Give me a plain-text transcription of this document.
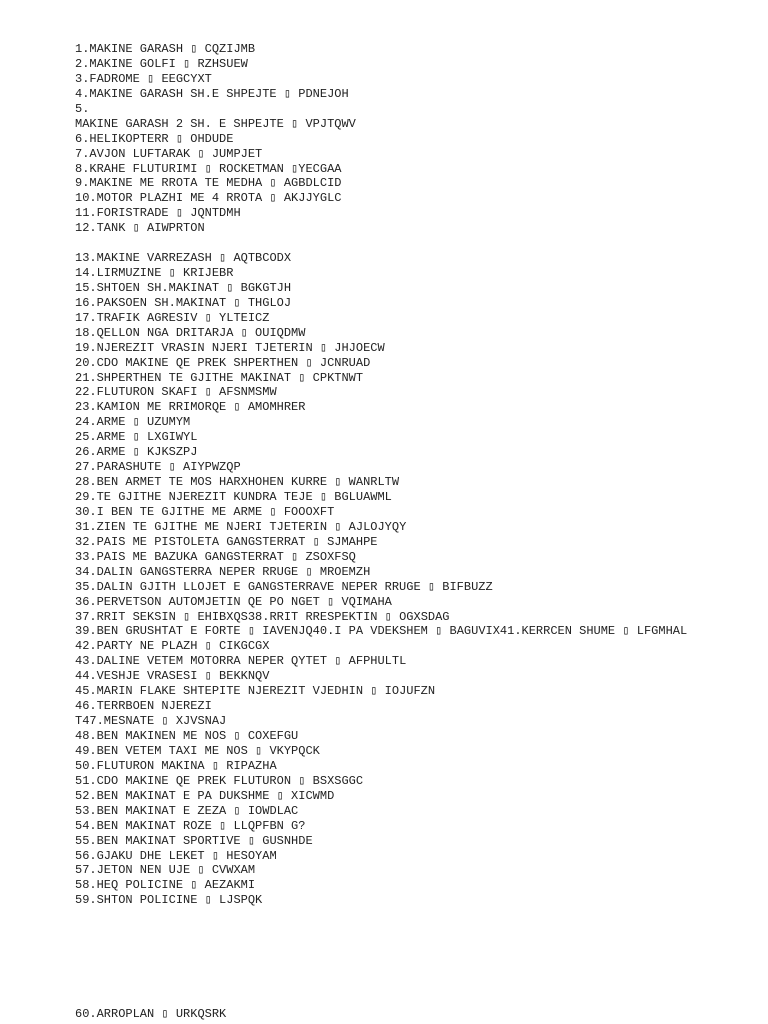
1.MAKINE GARASH ▯ CQZIJMB
2.MAKINE GOLFI ▯ RZHSUEW
3.FADROME ▯ EEGCYXT
4.MAKINE GARASH SH.E SHPEJTE ▯ PDNEJOH
5.
MAKINE GARASH 2 SH. E SHPEJTE ▯ VPJTQWV
6.HELIKOPTERR ▯ OHDUDE
7.AVJON LUFTARAK ▯ JUMPJET
8.KRAHE FLUTURIMI ▯ ROCKETMAN ▯YECGAA
9.MAKINE ME RROTA TE MEDHA ▯ AGBDLCID
10.MOTOR PLAZHI ME 4 RROTA ▯ AKJJYGLC
11.FORISTRADE ▯ JQNTDMH
12.TANK ▯ AIWPRTON
13.MAKINE VARREZASH ▯ AQTBCODX
14.LIRMUZINE ▯ KRIJEBR
15.SHTOEN SH.MAKINAT ▯ BGKGTJH
16.PAKSOEN SH.MAKINAT ▯ THGLOJ
17.TRAFIK AGRESIV ▯ YLTEICZ
18.QELLON NGA DRITARJA ▯ OUIQDMW
19.NJEREZIT VRASIN NJERI TJETERIN ▯ JHJOECW
20.CDO MAKINE QE PREK SHPERTHEN ▯ JCNRUAD
21.SHPERTHEN TE GJITHE MAKINAT ▯ CPKTNWT
22.FLUTURON SKAFI ▯ AFSNMSMW
23.KAMION ME RRIMORQE ▯ AMOMHRER
24.ARME ▯ UZUMYM
25.ARME ▯ LXGIWYL
26.ARME ▯ KJKSZPJ
27.PARASHUTE ▯ AIYPWZQP
28.BEN ARMET TE MOS HARXHOHEN KURRE ▯ WANRLTW
29.TE GJITHE NJEREZIT KUNDRA TEJE ▯ BGLUAWML
30.I BEN TE GJITHE ME ARME ▯ FOOOXFT
31.ZIEN TE GJITHE ME NJERI TJETERIN ▯ AJLOJYQY
32.PAIS ME PISTOLETA GANGSTERRAT ▯ SJMAHPE
33.PAIS ME BAZUKA GANGSTERRAT ▯ ZSOXFSQ
34.DALIN GANGSTERRA NEPER RRUGE ▯ MROEMZH
35.DALIN GJITH LLOJET E GANGSTERRAVE NEPER RRUGE ▯ BIFBUZZ
36.PERVETSON AUTOMJETIN QE PO NGET ▯ VQIMAHA
37.RRIT SEKSIN ▯ EHIBXQS38.RRIT RRESPEKTIN ▯ OGXSDAG
39.BEN GRUSHTAT E FORTE ▯ IAVENJQ40.I PA VDEKSHEM ▯ BAGUVIX41.KERRCEN SHUME ▯ LFGMHAL
42.PARTY NE PLAZH ▯ CIKGCGX
43.DALINE VETEM MOTORRA NEPER QYTET ▯ AFPHULTL
44.VESHJE VRASESI ▯ BEKKNQV
45.MARIN FLAKE SHTEPITE NJEREZIT VJEDHIN ▯ IOJUFZN
46.TERRBOEN NJEREZI
T47.MESNATE ▯ XJVSNAJ
48.BEN MAKINEN ME NOS ▯ COXEFGU
49.BEN VETEM TAXI ME NOS ▯ VKYPQCK
50.FLUTURON MAKINA ▯ RIPAZHA
51.CDO MAKINE QE PREK FLUTURON ▯ BSXSGGC
52.BEN MAKINAT E PA DUKSHME ▯ XICWMD
53.BEN MAKINAT E ZEZA ▯ IOWDLAC
54.BEN MAKINAT ROZE ▯ LLQPFBN G?
55.BEN MAKINAT SPORTIVE ▯ GUSNHDE
56.GJAKU DHE LEKET ▯ HESOYAM
57.JETON NEN UJE ▯ CVWXAM
58.HEQ POLICINE ▯ AEZAKMI
59.SHTON POLICINE ▯ LJSPQK
60.ARROPLAN ▯ URKQSRK
